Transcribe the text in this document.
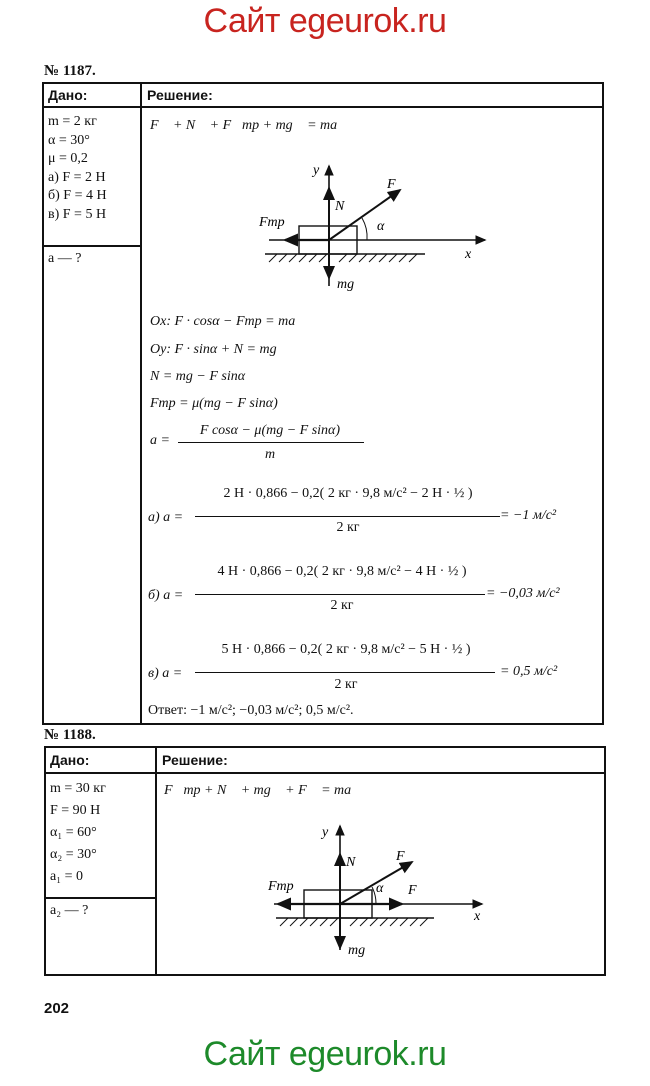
Сайт egeurok.ru
№ 1187.
Дано:	Решение:
m = 2 кг
α = 30°
μ = 0,2
а) F = 2 Н
б) F = 4 Н
в) F = 5 Н
a — ?
F⃗ + N⃗ + F⃗тр + mg⃗ = ma⃗
y
x
N
F
Fтр	α
mg
Ox: F · cosα − Fтр = ma
Oy: F · sinα + N = mg
N = mg − F sinα
Fтр = μ(mg − F sinα)
a =
F cosα − μ(mg − F sinα)
m
а) a =
2 Н · 0,866 − 0,2( 2 кг · 9,8 м/с² − 2 Н · ½ )
2 кг
= −1 м/с²
б) a =
4 Н · 0,866 − 0,2( 2 кг · 9,8 м/с² − 4 Н · ½ )
2 кг
= −0,03 м/с²
в) a =
5 Н · 0,866 − 0,2( 2 кг · 9,8 м/с² − 5 Н · ½ )
2 кг
= 0,5 м/с²
Ответ: −1 м/с²; −0,03 м/с²; 0,5 м/с².
№ 1188.
Дано:	Решение:
m = 30 кг
F = 90 Н
α₁ = 60°
α₂ = 30°
a₁ = 0
a₂ — ?
F⃗тр + N⃗ + mg⃗ + F⃗ = ma⃗
y
x
N	F
F
Fтр	α
mg
202
Сайт egeurok.ru
